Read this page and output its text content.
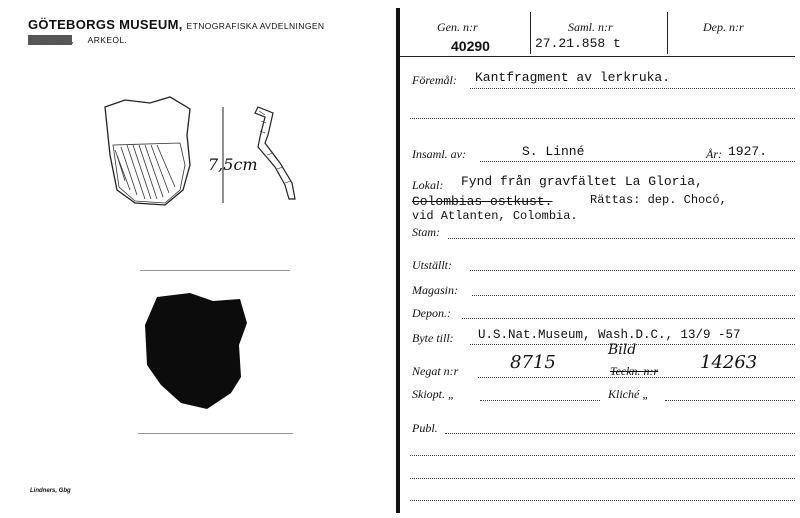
GÖTEBORGS MUSEUM, ETNOGRAFISKA AVDELNINGEN
ETNOGR.,     ARKEOL.
7,5cm
Lindners, Gbg
Gen. n:r
40290
Saml. n:r
27.21.858 t
Dep. n:r
Föremål: Kantfragment av lerkruka.
Insaml. av:	S. Linné	År: 1927.
Lokal: Fynd från gravfältet La Gloria,
Colombias ostkust.	Rättas: dep. Chocó,
vid Atlanten, Colombia.
Stam:
Utställt:
Magasin:
Depon.:
Byte till: U.S.Nat.Museum, Wash.D.C., 13/9 -57
Negat n:r	8715
Bild
Teckn. n:r 14263
Skiopt. „	Kliché „
Publ.
